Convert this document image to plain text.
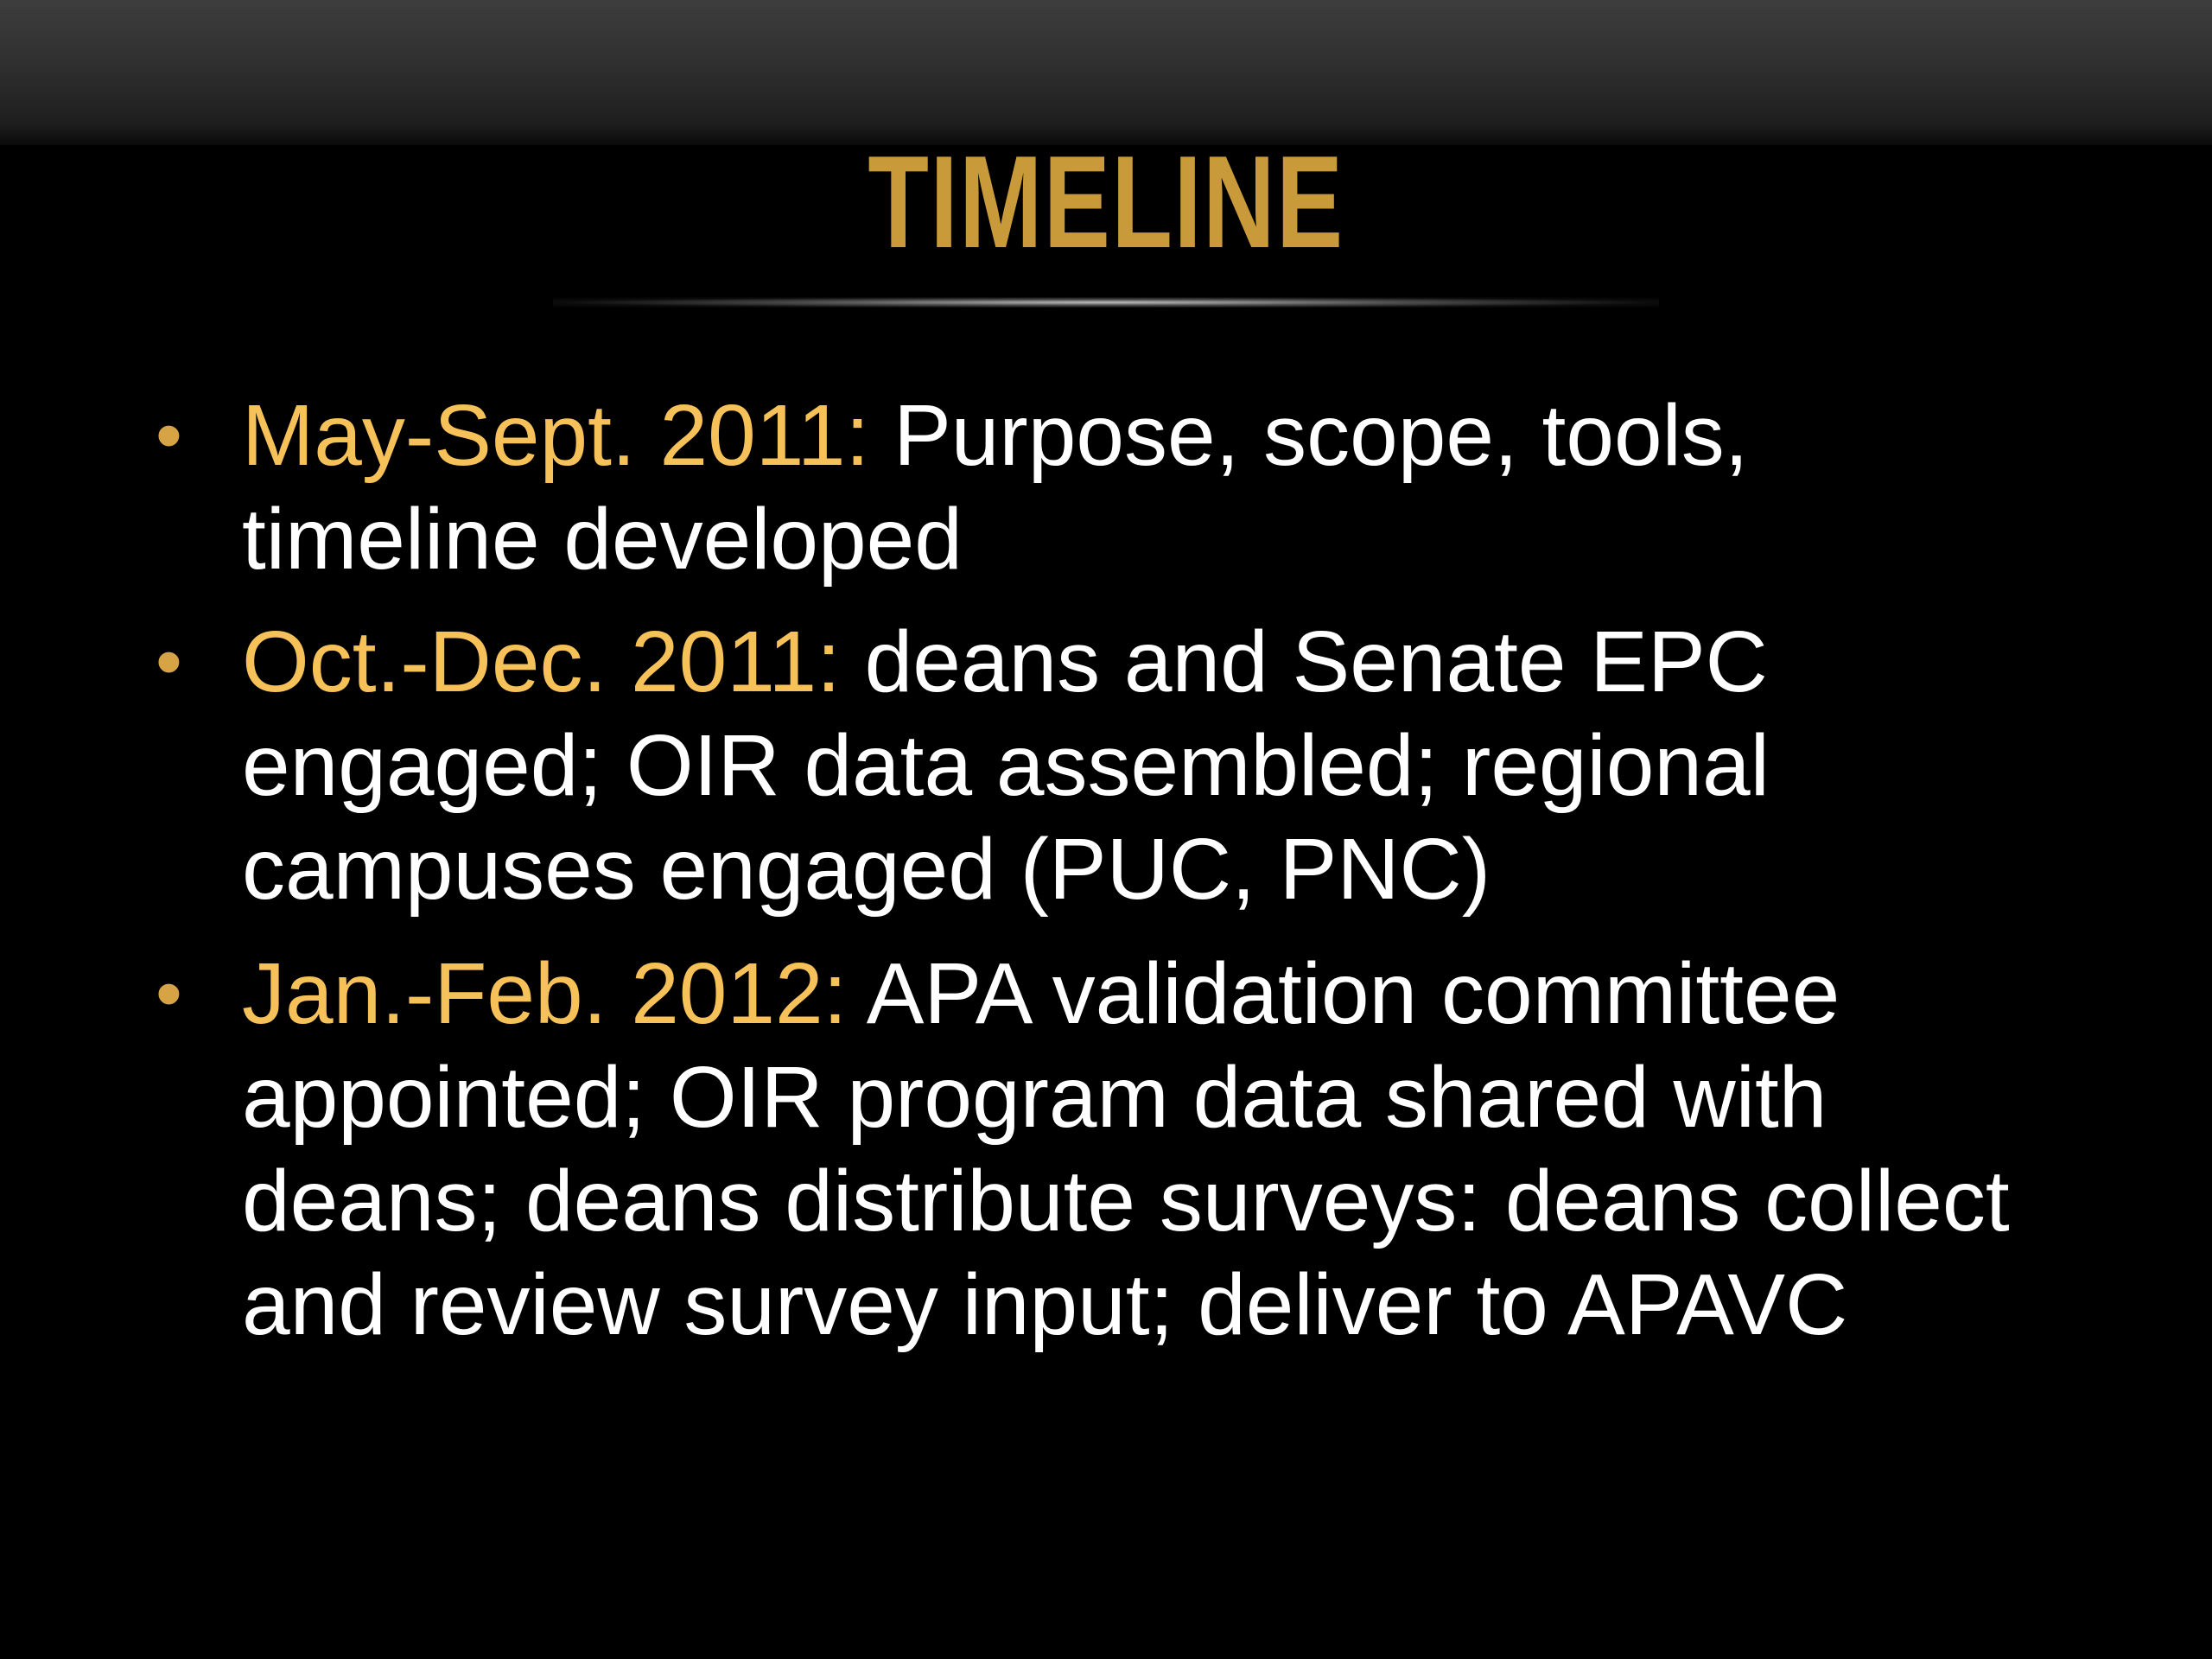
TIMELINE
• May-Sept. 2011: Purpose, scope, tools,
timeline developed

• Oct.-Dec. 2011: deans and Senate EPC
engaged; OIR data assembled; regional
campuses engaged (PUC, PNC)

• Jan.-Feb. 2012: APA validation committee
appointed; OIR program data shared with
deans; deans distribute surveys: deans collect
and review survey input; deliver to APAVC
